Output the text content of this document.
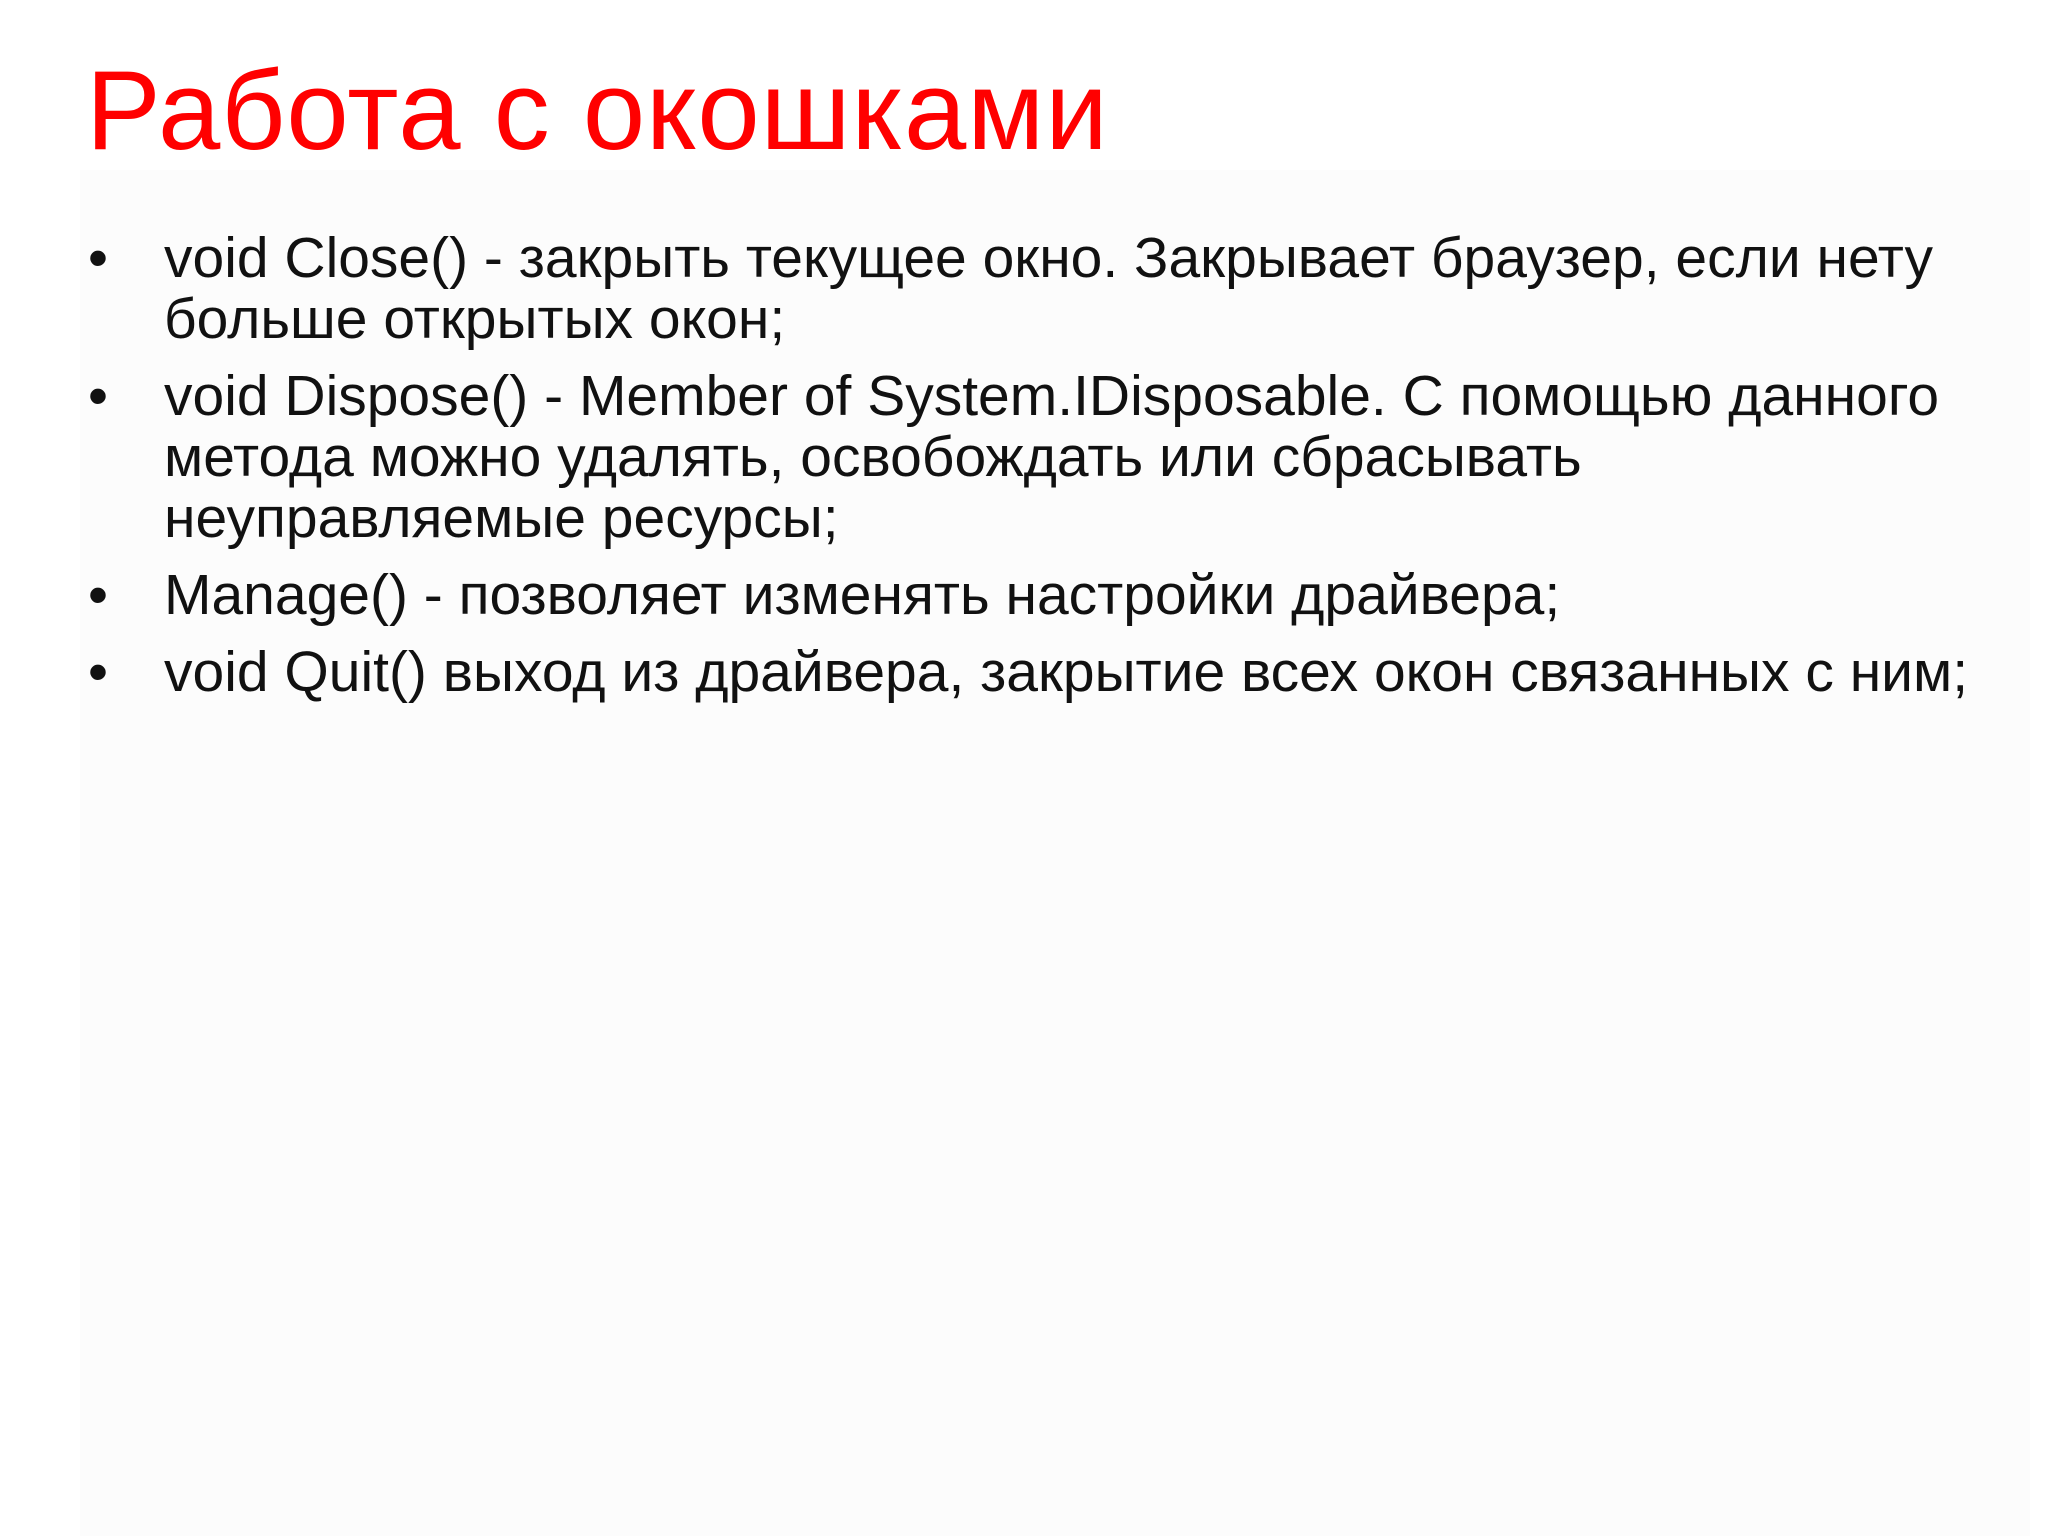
Работа с окошками
• void Close() - закрыть текущее окно. Закрывает браузер, если нету больше открытых окон;
• void Dispose() - Member of System.IDisposable. С помощью данного метода можно удалять, освобождать или сбрасывать неуправляемые ресурсы;
• Manage() - позволяет изменять настройки драйвера;
• void Quit() выход из драйвера, закрытие всех окон связанных с ним;
